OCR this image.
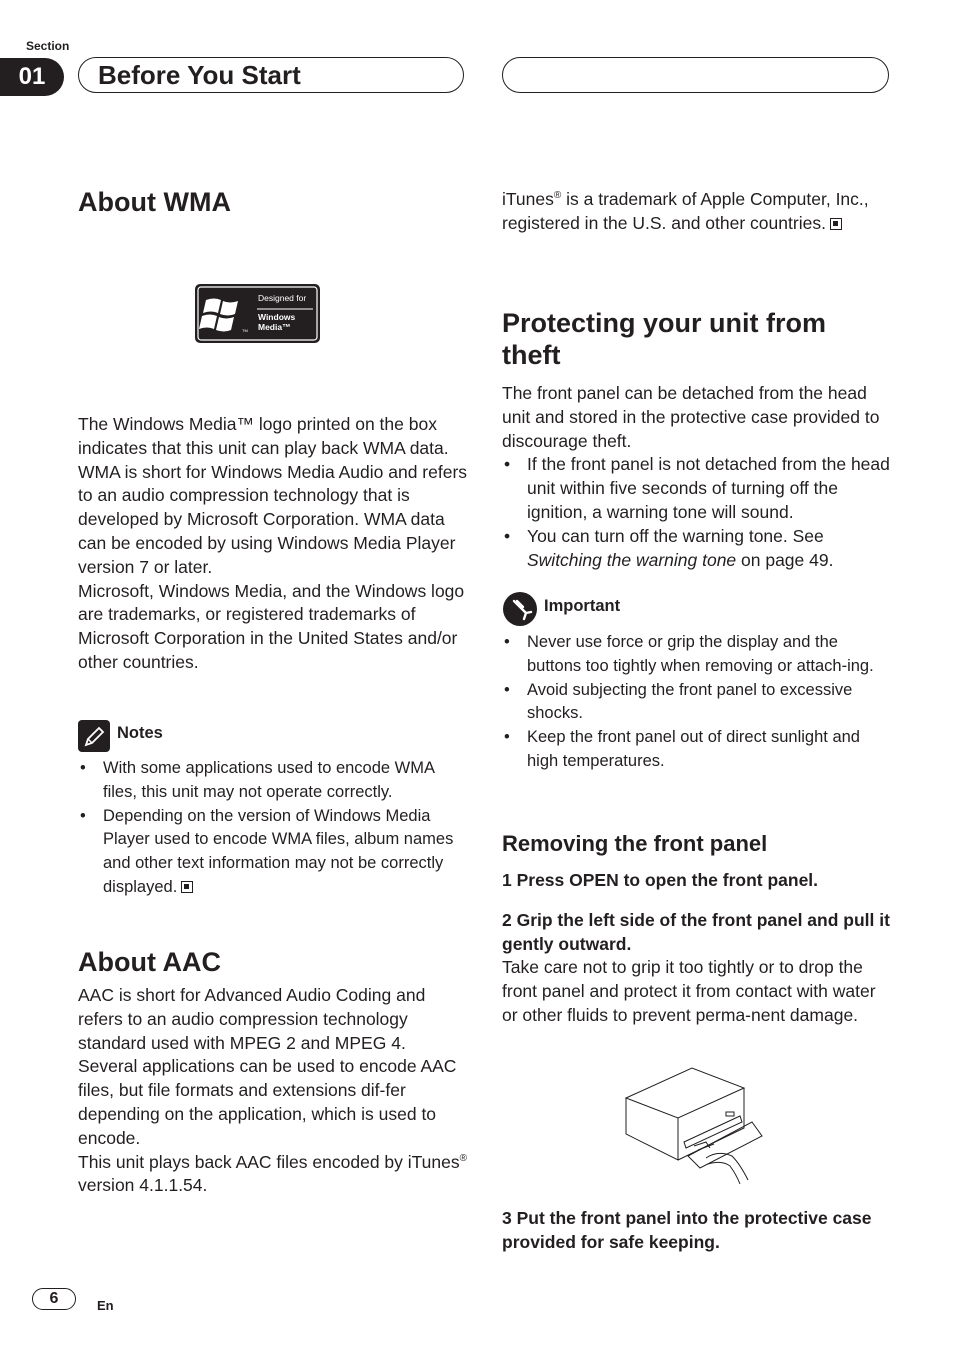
Section
01	Before You Start
About WMA
Designed for
Windows
Media™
TM

The Windows Media™ logo printed on the box indicates that this unit can play back WMA data.

WMA is short for Windows Media Audio and refers to an audio compression technology that is developed by Microsoft Corporation. WMA data can be encoded by using Windows Media Player version 7 or later.

Microsoft, Windows Media, and the Windows logo are trademarks, or registered trademarks of Microsoft Corporation in the United States and/or other countries.

Notes
• With some applications used to encode WMA files, this unit may not operate correctly.
• Depending on the version of Windows Media Player used to encode WMA files, album names and other text information may not be correctly displayed.
About AAC

AAC is short for Advanced Audio Coding and refers to an audio compression technology standard used with MPEG 2 and MPEG 4.

Several applications can be used to encode AAC files, but file formats and extensions dif-fer depending on the application, which is used to encode.

This unit plays back AAC files encoded by iTunes® version 4.1.1.54.

iTunes® is a trademark of Apple Computer, Inc., registered in the U.S. and other countries.

Protecting your unit from theft

The front panel can be detached from the head unit and stored in the protective case provided to discourage theft.

• If the front panel is not detached from the head unit within five seconds of turning off the ignition, a warning tone will sound.
• You can turn off the warning tone. See Switching the warning tone on page 49.
Important
• Never use force or grip the display and the buttons too tightly when removing or attach-ing.
• Avoid subjecting the front panel to excessive shocks.
• Keep the front panel out of direct sunlight and high temperatures.
Removing the front panel

1 Press OPEN to open the front panel.

2 Grip the left side of the front panel and pull it gently outward.

Take care not to grip it too tightly or to drop the front panel and protect it from contact with water or other fluids to prevent perma-nent damage.

3 Put the front panel into the protective case provided for safe keeping.

6	En
